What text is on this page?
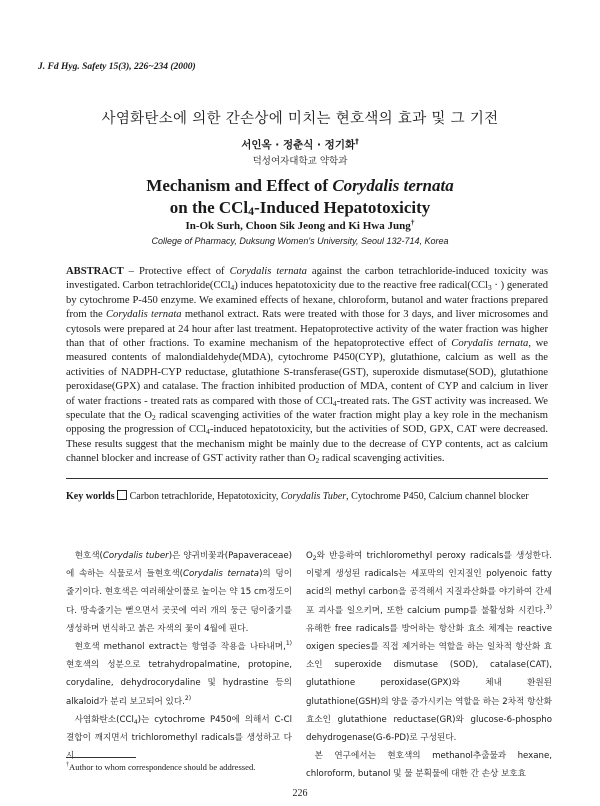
J. Fd Hyg. Safety 15(3), 226~234 (2000)
사염화탄소에 의한 간손상에 미치는 현호색의 효과 및 그 기전
서인옥 · 정춘식 · 정기화†
덕성여자대학교 약학과
Mechanism and Effect of Corydalis ternata
on the CCl$_4$-Induced Hepatotoxicity
In-Ok Surh, Choon Sik Jeong and Ki Hwa Jung†
College of Pharmacy, Duksung Women's University, Seoul 132-714, Korea
ABSTRACT – Protective effect of Corydalis ternata against the carbon tetrachloride-induced toxicity was investigated. Carbon tetrachloride(CCl$_4$) induces hepatotoxicity due to the reactive free radical(CCl$_3$ · ) generated by cytochrome P-450 enzyme. We examined effects of hexane, chloroform, butanol and water fractions prepared from the Corydalis ternata methanol extract. Rats were treated with those for 3 days, and liver microsomes and cytosols were prepared at 24 hour after last treatment. Hepatoprotective activity of the water fraction was higher than that of other fractions. To examine mechanism of the hepatoprotective effect of Corydalis ternata, we measured contents of malondialdehyde(MDA), cytochrome P450(CYP), glutathione, calcium as well as the activities of NADPH-CYP reductase, glutathione S-transferase(GST), superoxide dismutase(SOD), glutathione peroxidase(GPX) and catalase. The fraction inhibited production of MDA, content of CYP and calcium in liver of water fractions - treated rats as compared with those of CCl$_4$-treated rats. The GST activity was increased. We speculate that the $O_2$ radical scavenging activities of the water fraction might play a key role in the mechanism opposing the progression of CCl$_4$-induced hepatotoxicity, but the activities of SOD, GPX, CAT were decreased. These results suggest that the mechanism might be mainly due to the decrease of CYP contents, act as calcium channel blocker and increase of GST activity rather than $O_2$ radical scavenging activities.
Key worlds Carbon tetrachloride, Hepatotoxicity, Corydalis Tuber, Cytochrome P450, Calcium channel blocker

현호색(Corydalis tuber)은 양귀비꽃과(Papaveraceae)에 속하는 식물로서 들현호색(Corydalis ternata)의 덩이 줄기이다. 현호색은 여러해살이풀로 높이는 약 15 cm정도이다. 땅속줄기는 뻗으면서 곳곳에 여러 개의 둥근 덩이줄기를 생성하며 번식하고 붉은 자색의 꽃이 4월에 핀다.

현호색 methanol extract는 항염증 작용을 나타내며,$^{1)}$ 현호색의 성분으로 tetrahydropalmatine, protopine, corydaline, dehydrocorydaline 및 hydrastine 등의 alkaloid가 분리 보고되어 있다.$^{2)}$

사염화탄소(CCl$_4$)는 cytochrome P450에 의해서 C-Cl 결합이 깨지면서 trichloromethyl radicals를 생성하고 다시

$O_2$와 반응하여 trichloromethyl peroxy radicals를 생성한다. 이렇게 생성된 radicals는 세포막의 인지질인 polyenoic fatty acid의 methyl carbon을 공격해서 지질과산화를 야기하여 간세포 괴사를 일으키며, 또한 calcium pump를 불활성화 시킨다.$^{3)}$ 유해한 free radicals를 방어하는 항산화 효소 체계는 reactive oxigen species를 직접 제거하는 역할을 하는 일차적 항산화 효소인 superoxide dismutase (SOD), catalase(CAT), glutathione peroxidase(GPX)와 체내 환원된 glutathione(GSH)의 양을 증가시키는 역할을 하는 2차적 항산화 효소인 glutathione reductase(GR)와 glucose-6-phospho dehydrogenase(G-6-PD)로 구성된다.

본 연구에서는 현호색의 methanol추출물과 hexane, chloroform, butanol 및 물 분획물에 대한 간 손상 보호효

†Author to whom correspondence should be addressed.
226
